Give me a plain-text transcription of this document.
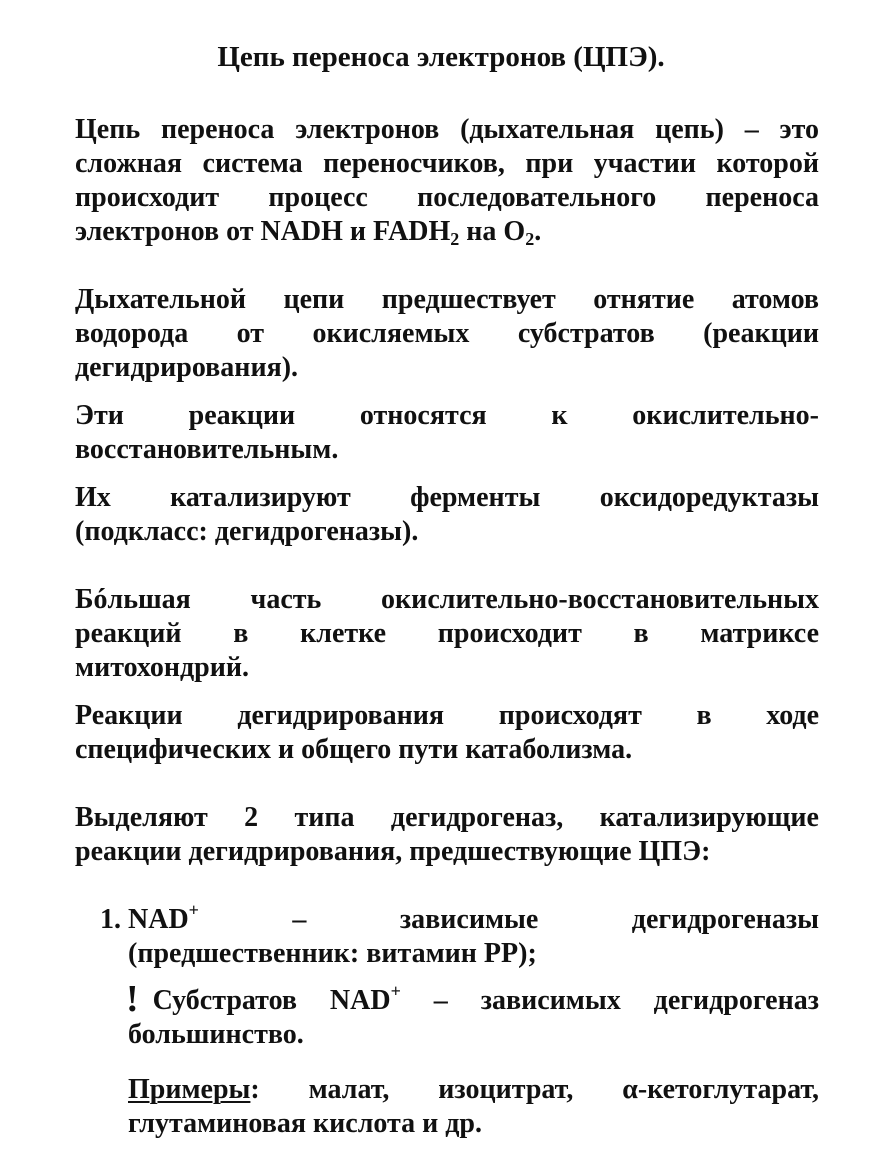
Цепь переноса электронов (ЦПЭ).
Цепь переноса электронов (дыхательная цепь) – это
сложная система переносчиков, при участии которой
происходит процесс последовательного переноса
электронов от NADH и $FADH_2$ на $O_2$.
Дыхательной цепи предшествует отнятие атомов
водорода от окисляемых субстратов (реакции
дегидрирования).
Эти реакции относятся к окислительно-
восстановительным.
Их катализируют ферменты оксидоредуктазы
(подкласс: дегидрогеназы).
Бóльшая часть окислительно-восстановительных
реакций в клетке происходит в матриксе
митохондрий.
Реакции дегидрирования происходят в ходе
специфических и общего пути катаболизма.
Выделяют 2 типа дегидрогеназ, катализирующие
реакции дегидрирования, предшествующие ЦПЭ:
1. NAD+ – зависимые дегидрогеназы
(предшественник: витамин PP);
! Субстратов NAD+ – зависимых дегидрогеназ
большинство.
Примеры: малат, изоцитрат, α-кетоглутарат,
глутаминовая кислота и др.
